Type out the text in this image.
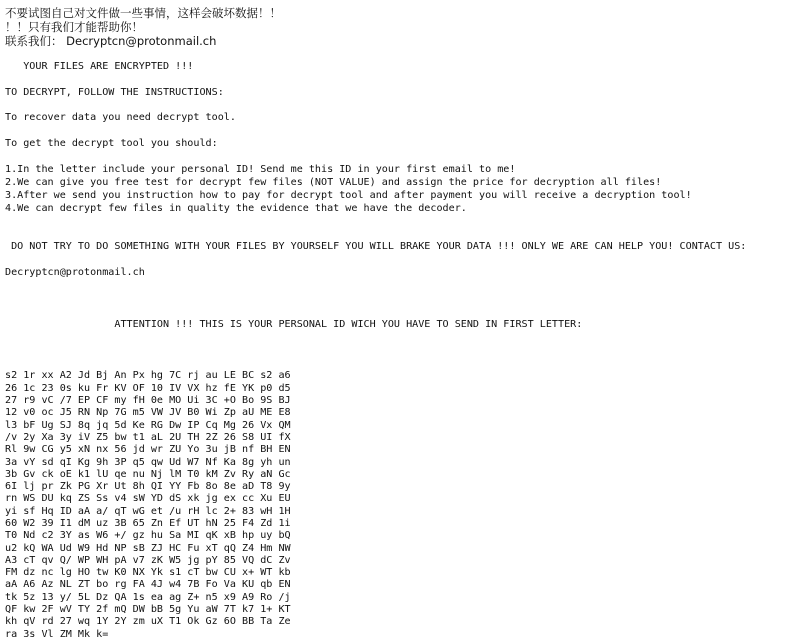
不要试图自己对文件做一些事情，这样会破坏数据！！

！！只有我们才能帮助你！

联系我们： Decryptcn@protonmail.ch

YOUR FILES ARE ENCRYPTED !!!

TO DECRYPT, FOLLOW THE INSTRUCTIONS:

To recover data you need decrypt tool.

To get the decrypt tool you should:

1.In the letter include your personal ID! Send me this ID in your first email to me!

2.We can give you free test for decrypt few files (NOT VALUE) and assign the price for decryption all files!

3.After we send you instruction how to pay for decrypt tool and after payment you will receive a decryption tool!

4.We can decrypt few files in quality the evidence that we have the decoder.

DO NOT TRY TO DO SOMETHING WITH YOUR FILES BY YOURSELF YOU WILL BRAKE YOUR DATA !!! ONLY WE ARE CAN HELP YOU! CONTACT US:

Decryptcn@protonmail.ch

ATTENTION !!! THIS IS YOUR PERSONAL ID WICH YOU HAVE TO SEND IN FIRST LETTER:

s2 1r xx A2 Jd Bj An Px hg 7C rj au LE BC s2 a6

26 1c 23 0s ku Fr KV OF 10 IV VX hz fE YK p0 d5

27 r9 vC /7 EP CF my fH 0e MO Ui 3C +O Bo 9S BJ

12 v0 oc J5 RN Np 7G m5 VW JV B0 Wi Zp aU ME E8

l3 bF Ug SJ 8q jq 5d Ke RG Dw IP Cq Mg 26 Vx QM

/v 2y Xa 3y iV Z5 bw t1 aL 2U TH 2Z 26 S8 UI fX

Rl 9w CG y5 xN nx 56 jd wr ZU Yo 3u jB nf BH EN

3a vY sd qI Kg 9h 3P q5 qw Ud W7 Nf Ka 8g yh un

3b Gv ck oE k1 lU qe nu Nj lM T0 kM Zv Ry aN Gc

6I lj pr Zk PG Xr Ut 8h QI YY Fb 8o 8e aD T8 9y

rn WS DU kq ZS Ss v4 sW YD dS xk jg ex cc Xu EU

yi sf Hq ID aA a/ qT wG et /u rH lc 2+ 83 wH 1H

60 W2 39 I1 dM uz 3B 65 Zn Ef UT hN 25 F4 Zd 1i

T0 Nd c2 3Y as W6 +/ gz hu Sa MI qK xB hp uy bQ

u2 kQ WA Ud W9 Hd NP sB ZJ HC Fu xT qQ Z4 Hm NW

A3 cT qv Q/ WP WH pA v7 zK W5 jg pY 85 VQ dC Zv

FM dz nc lg HO tw K0 NX Yk s1 cT bw CU x+ WT kb

aA A6 Az NL ZT bo rg FA 4J w4 7B Fo Va KU qb EN

tk 5z 13 y/ 5L Dz QA 1s ea ag Z+ n5 x9 A9 Ro /j

QF kw 2F wV TY 2f mQ DW bB 5g Yu aW 7T k7 1+ KT

kh qV rd 27 wq 1Y 2Y zm uX T1 Ok Gz 6O BB Ta Ze

ra 3s Vl ZM Mk k=
